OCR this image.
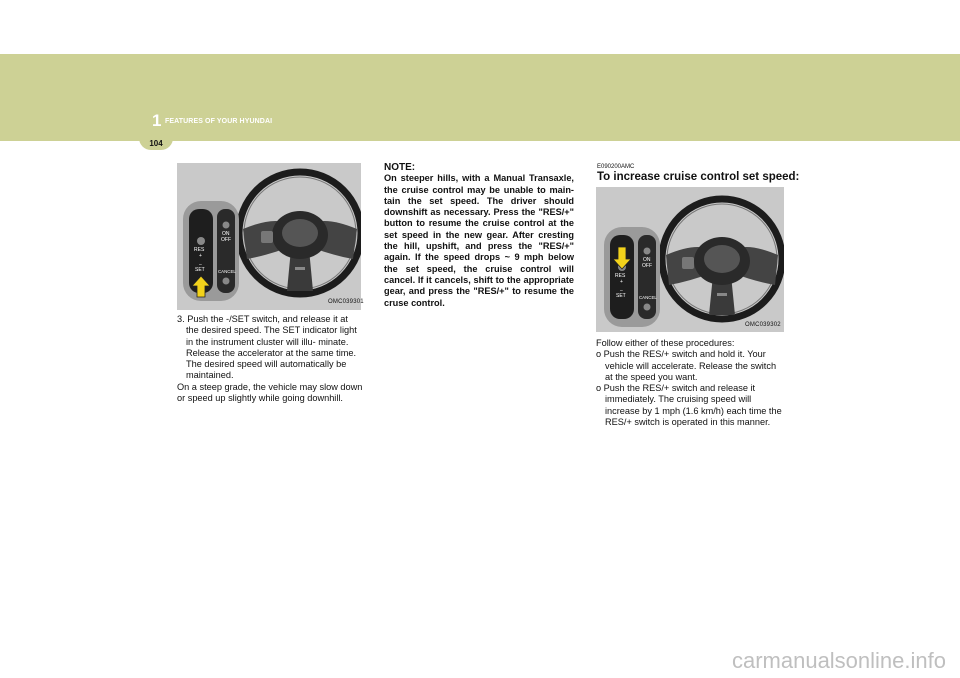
1 FEATURES OF YOUR HYUNDAI
104
RES
+
–
SET
ON
OFF
CANCEL
OMC039301

3. Push the -/SET switch, and release it at the desired speed. The SET indicator light in the instrument cluster will illu- minate. Release the accelerator at the same time. The desired speed will automatically be maintained.

On a steep grade, the vehicle may slow down or speed up slightly while going downhill.

NOTE:
On steeper hills, with a Manual Transaxle, the cruise control may be unable to main- tain the set speed. The driver should downshift as necessary. Press the "RES/+" button to resume the cruise control at the set speed in the new gear. After cresting the hill, upshift, and press the "RES/+" again. If the speed drops ~ 9 mph below the set speed, the cruise control will cancel. If it cancels, shift to the appropriate gear, and press the "RES/+" to resume the cruse control.
E090200AMC
To increase cruise control set speed:
RES
+
–
SET
ON
OFF
CANCEL
OMC039302

Follow either of these procedures:

o Push the RES/+ switch and hold it. Your vehicle will accelerate. Release the switch at the speed you want.

o Push the RES/+ switch and release it immediately. The cruising speed will increase by 1 mph (1.6 km/h) each time the RES/+ switch is operated in this manner.

carmanualsonline.info
